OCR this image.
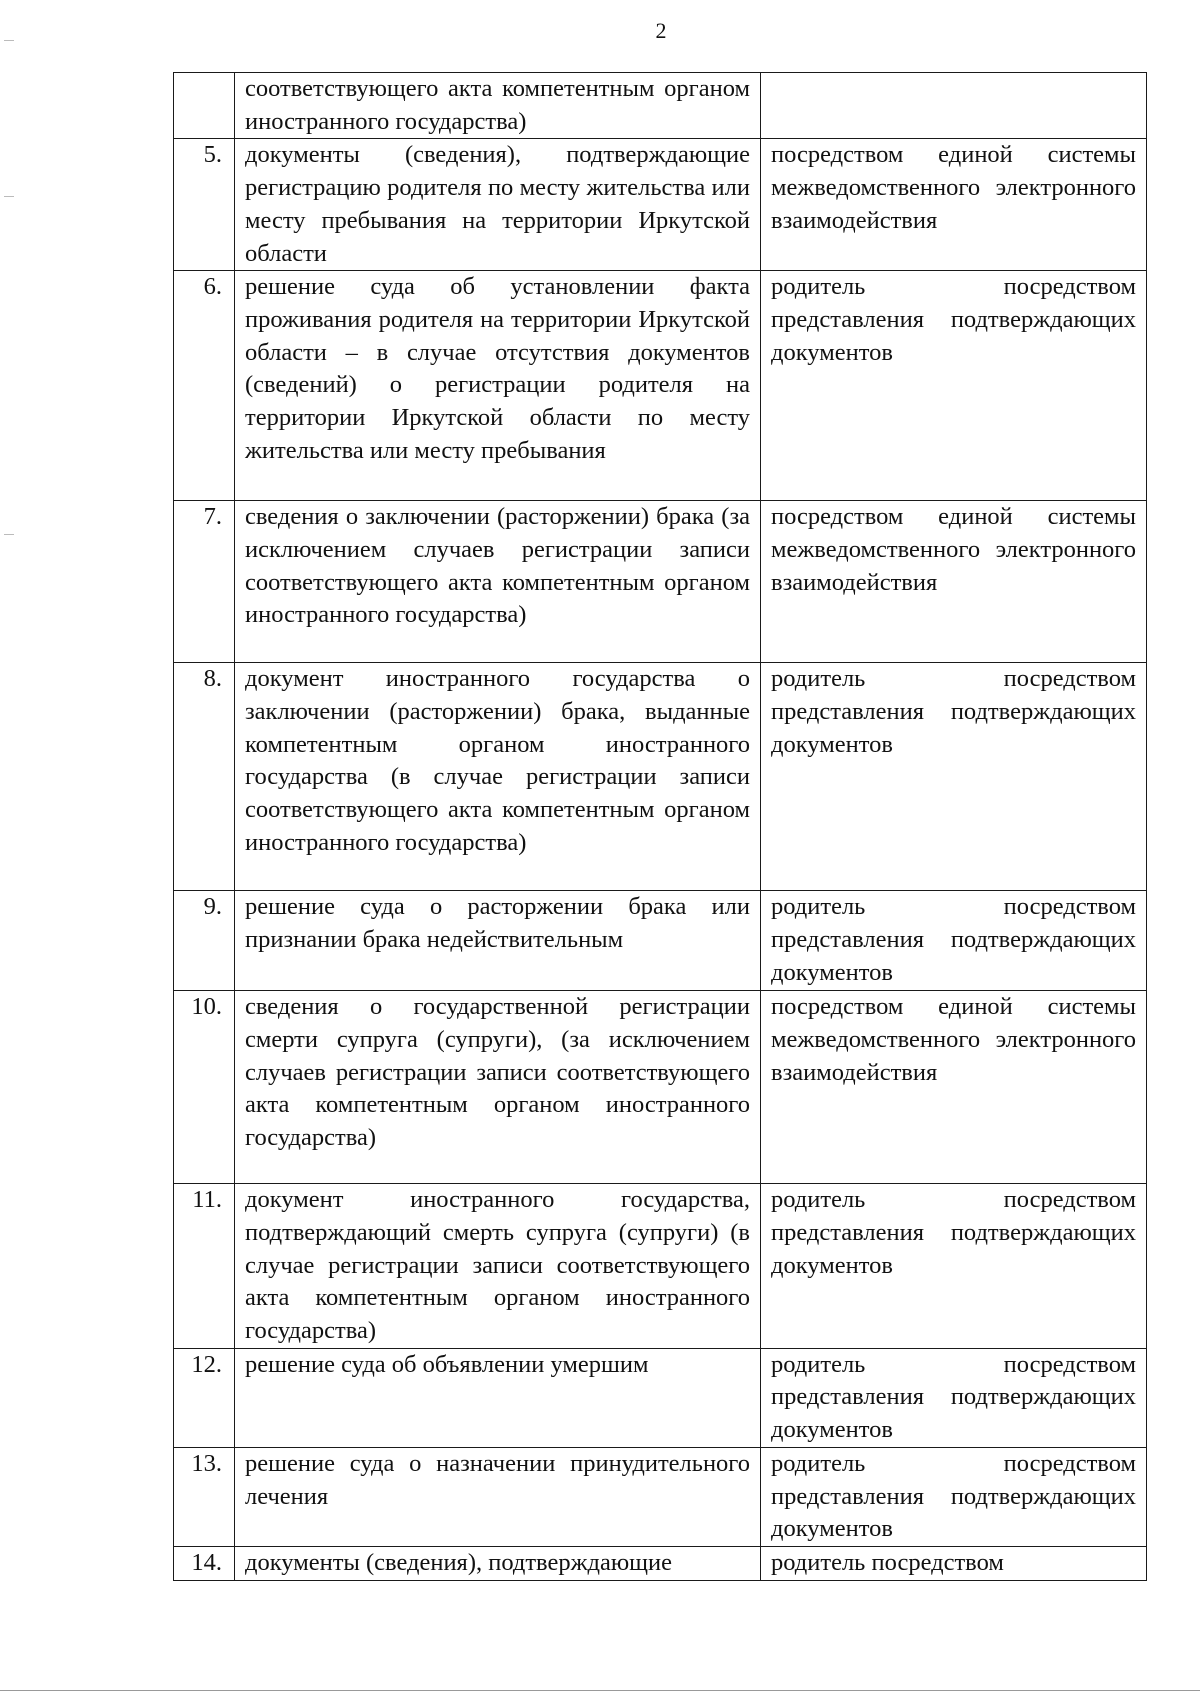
2
	соответствующего акта компетентным органом иностранного государства)	
5.	документы (сведения), подтверждающие регистрацию родителя по месту жительства или месту пребывания на территории Иркутской области	посредством единой системы межведомственного электронного взаимодействия
6.	решение суда об установлении факта проживания родителя на территории Иркутской области – в случае отсутствия документов (сведений) о регистрации родителя на территории Иркутской области по месту жительства или месту пребывания	родитель посредством представления подтверждающих документов
7.	сведения о заключении (расторжении) брака (за исключением случаев регистрации записи соответствующего акта компетентным органом иностранного государства)	посредством единой системы межведомственного электронного взаимодействия
8.	документ иностранного государства о заключении (расторжении) брака, выданные компетентным органом иностранного государства (в случае регистрации записи соответствующего акта компетентным органом иностранного государства)	родитель посредством представления подтверждающих документов
9.	решение суда о расторжении брака или признании брака недействительным	родитель посредством представления подтверждающих документов
10.	сведения о государственной регистрации смерти супруга (супруги), (за исключением случаев регистрации записи соответствующего акта компетентным органом иностранного государства)	посредством единой системы межведомственного электронного взаимодействия
11.	документ иностранного государства, подтверждающий смерть супруга (супруги) (в случае регистрации записи соответствующего акта компетентным органом иностранного государства)	родитель посредством представления подтверждающих документов
12.	решение суда об объявлении умершим	родитель посредством представления подтверждающих документов
13.	решение суда о назначении принудительного лечения	родитель посредством представления подтверждающих документов
14.	документы (сведения), подтверждающие	родитель посредством
